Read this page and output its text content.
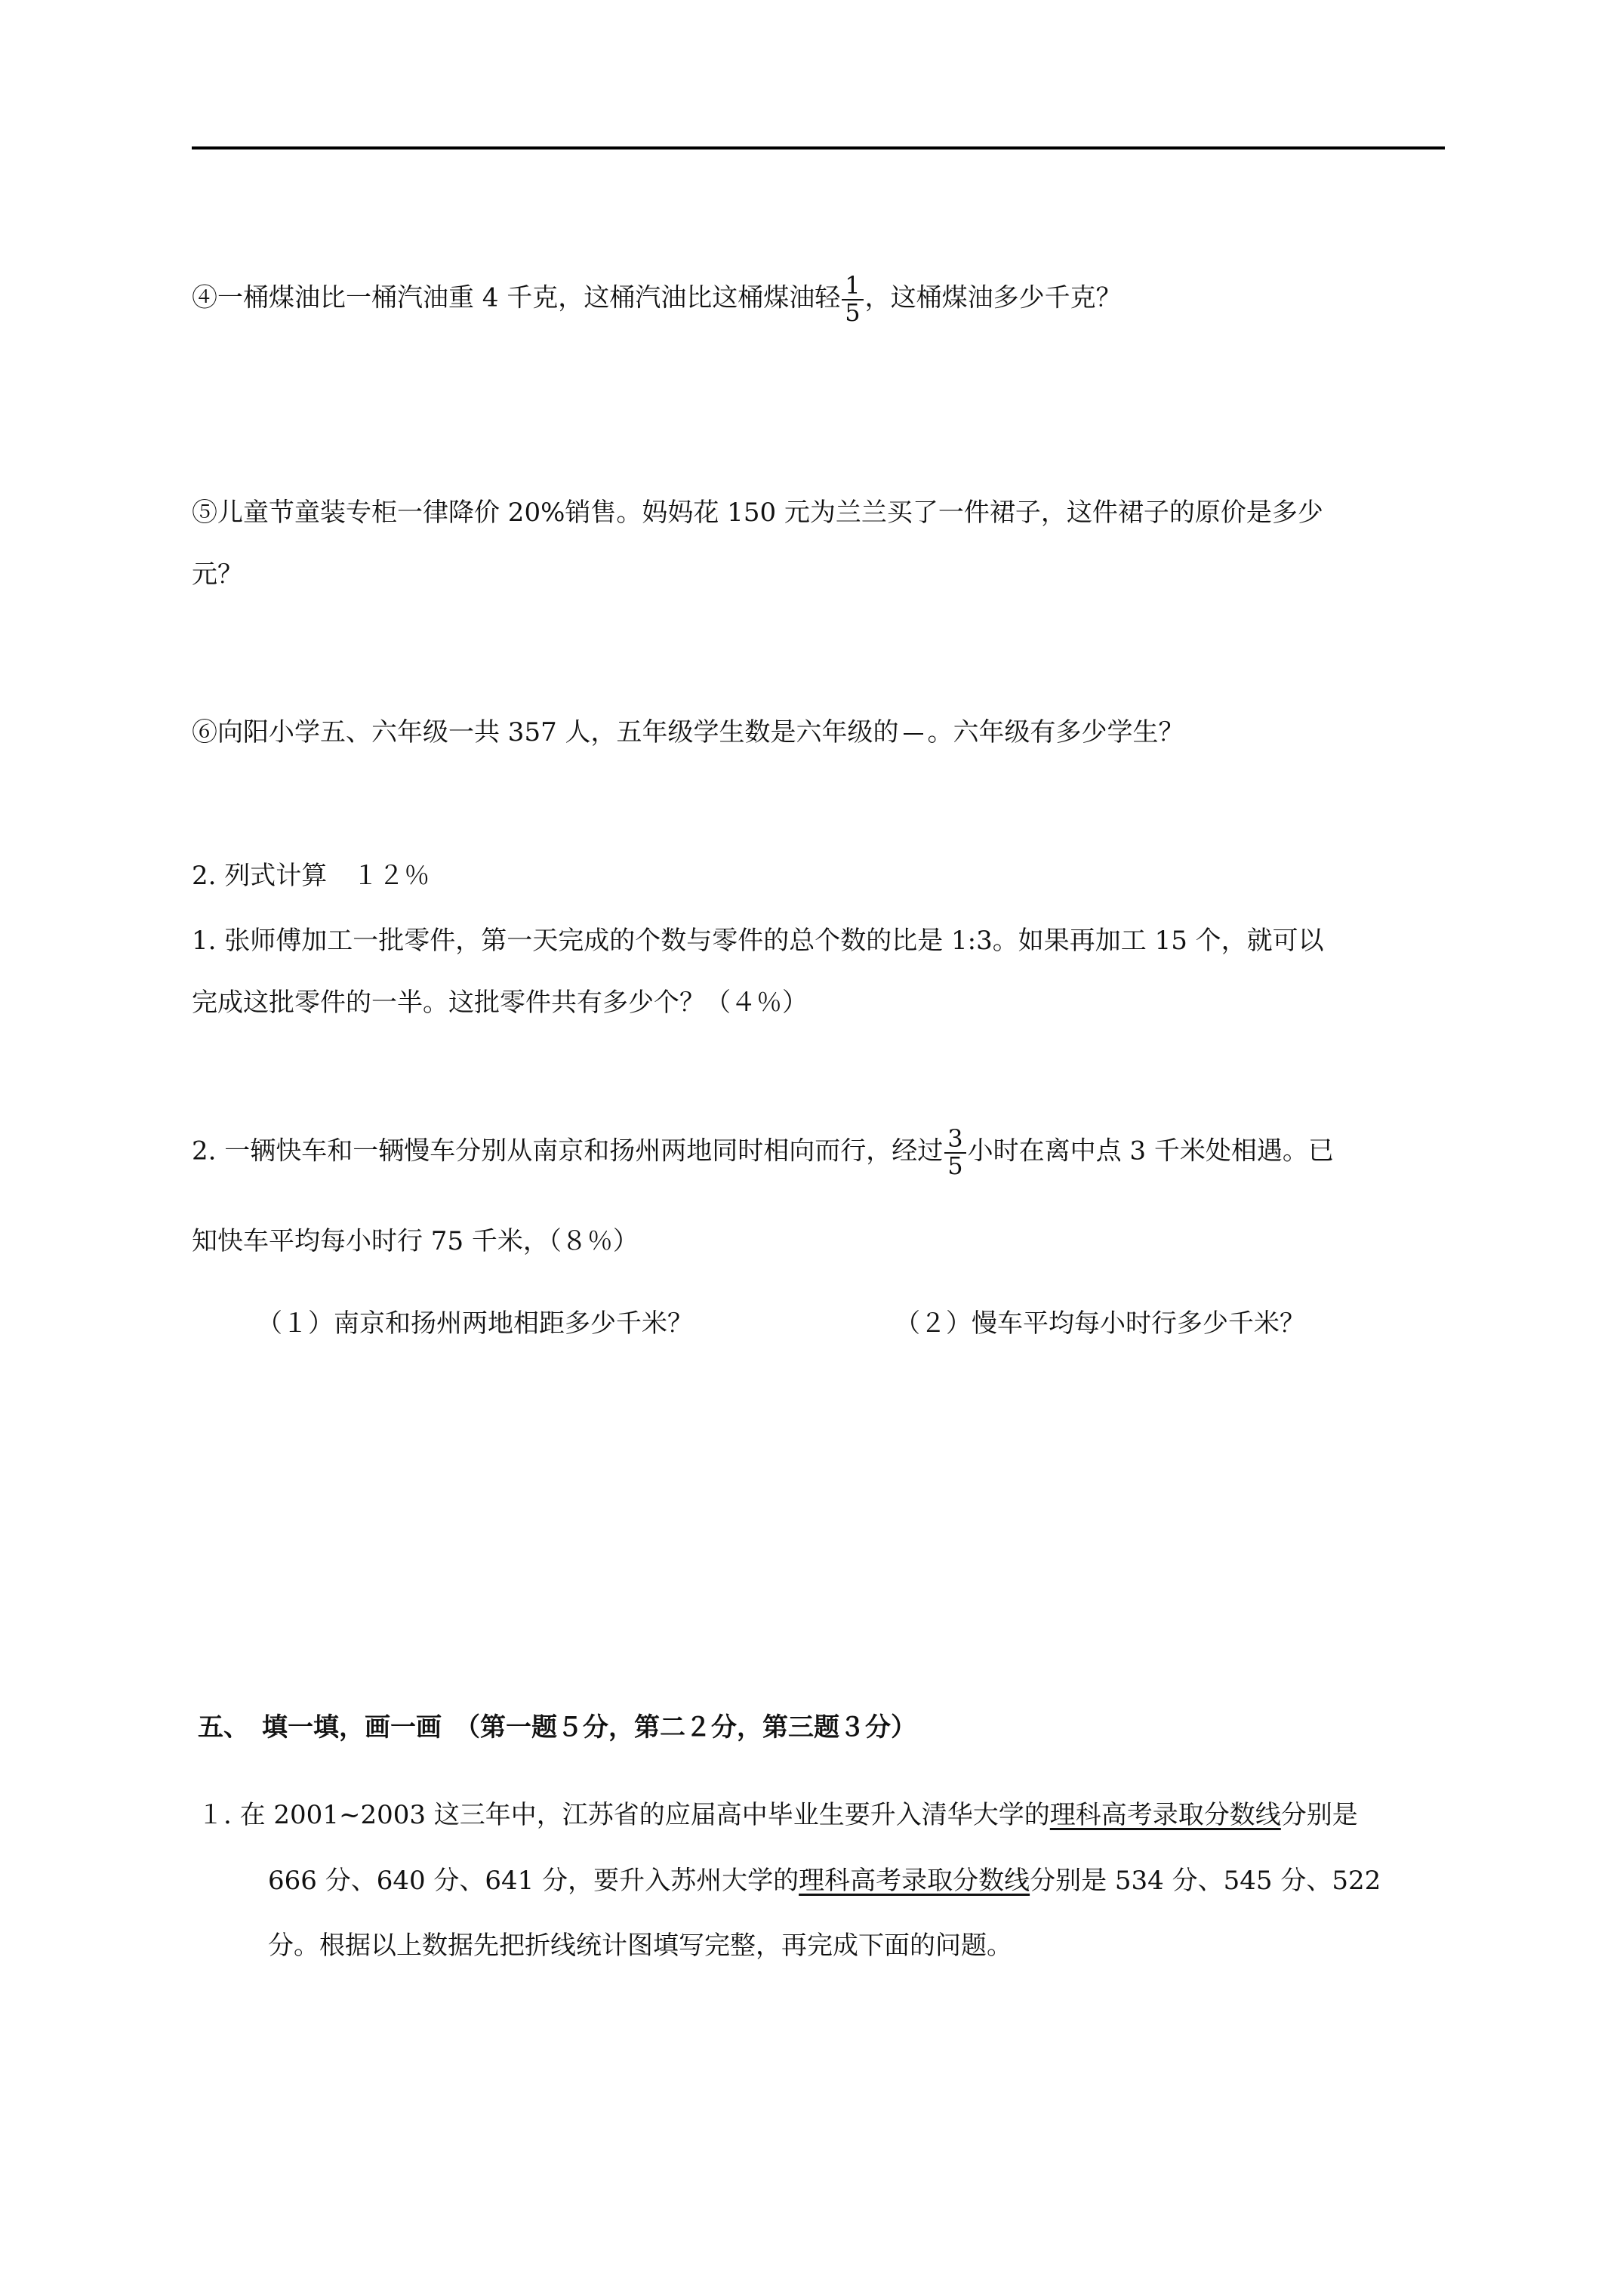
④一桶煤油比一桶汽油重 4 千克，这桶汽油比这桶煤油轻 $\frac{1}{5}$ ，这桶煤油多少千克？
⑤儿童节童装专柜一律降价 20%销售。妈妈花 150 元为兰兰买了一件裙子，这件裙子的原价是多少
元？
⑥向阳小学五、六年级一共 357 人，五年级学生数是六年级的 。六年级有多少学生？
2. 列式计算　１２％
1. 张师傅加工一批零件，第一天完成的个数与零件的总个数的比是 1:3。如果再加工 15 个，就可以
完成这批零件的一半。这批零件共有多少个？（４％）
2. 一辆快车和一辆慢车分别从南京和扬州两地同时相向而行，经过 $\frac{3}{5}$ 小时在离中点 3 千米处相遇。已
知快车平均每小时行 75 千米，（８％）
（１）南京和扬州两地相距多少千米？	（２）慢车平均每小时行多少千米？
五、　填一填，画一画　（第一题５分，第二２分，第三题３分）
１. 在 2001~2003 这三年中，江苏省的应届高中毕业生要升入清华大学的理科高考录取分数线分别是
666 分、640 分、641 分，要升入苏州大学的理科高考录取分数线分别是 534 分、545 分、522
分。根据以上数据先把折线统计图填写完整，再完成下面的问题。
